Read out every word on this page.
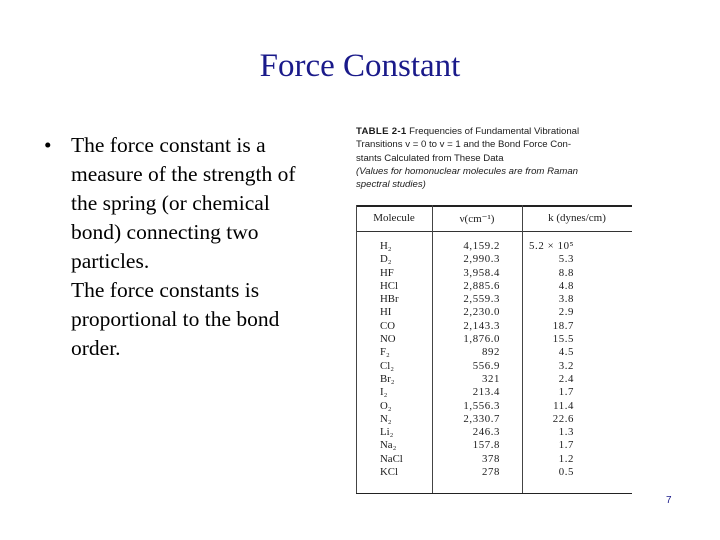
Force Constant
• The force constant is a
measure of the strength of
the spring (or chemical
bond) connecting two
particles.
The force constants is
proportional to the bond
order.
TABLE 2-1 Frequencies of Fundamental Vibrational
Transitions v = 0 to v = 1 and the Bond Force Con-
stants Calculated from These Data
(Values for homonuclear molecules are from Raman
spectral studies)
Molecule	ν(cm⁻¹)	k (dynes/cm)
H₂	4,159.2	5.2 × 10⁵
D₂	2,990.3	5.3
HF	3,958.4	8.8
HCl	2,885.6	4.8
HBr	2,559.3	3.8
HI	2,230.0	2.9
CO	2,143.3	18.7
NO	1,876.0	15.5
F₂	892	4.5
Cl₂	556.9	3.2
Br₂	321	2.4
I₂	213.4	1.7
O₂	1,556.3	11.4
N₂	2,330.7	22.6
Li₂	246.3	1.3
Na₂	157.8	1.7
NaCl	378	1.2
KCl	278	0.5
7
